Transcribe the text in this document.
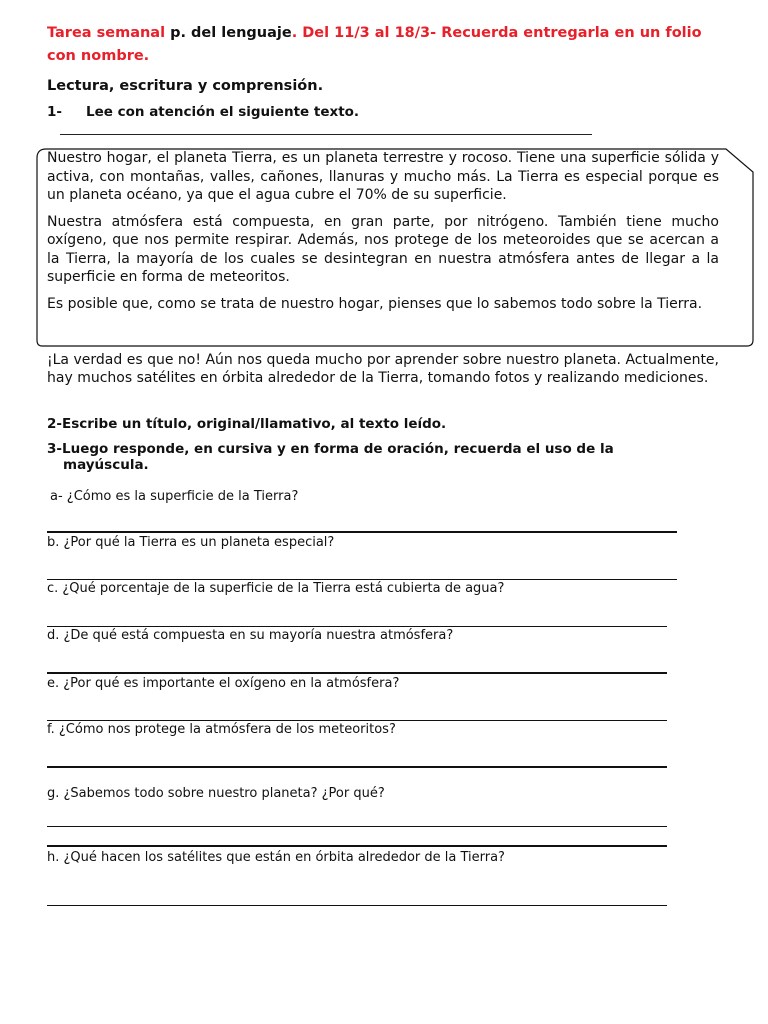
Tarea semanal p. del lenguaje. Del 11/3 al 18/3- Recuerda entregarla en un folio con nombre.
Lectura, escritura y comprensión.
1- Lee con atención el siguiente texto.

Nuestro hogar, el planeta Tierra, es un planeta terrestre y rocoso. Tiene una superficie sólida y activa, con montañas, valles, cañones, llanuras y mucho más. La Tierra es especial porque es un planeta océano, ya que el agua cubre el 70% de su superficie.

Nuestra atmósfera está compuesta, en gran parte, por nitrógeno. También tiene mucho oxígeno, que nos permite respirar. Además, nos protege de los meteoroides que se acercan a la Tierra, la mayoría de los cuales se desintegran en nuestra atmósfera antes de llegar a la superficie en forma de meteoritos.

Es posible que, como se trata de nuestro hogar, pienses que lo sabemos todo sobre la Tierra.

¡La verdad es que no! Aún nos queda mucho por aprender sobre nuestro planeta. Actualmente, hay muchos satélites en órbita alrededor de la Tierra, tomando fotos y realizando mediciones.
2-Escribe un título, original/llamativo, al texto leído.
3-Luego responde, en cursiva y en forma de oración, recuerda el uso de la
mayúscula.
a- ¿Cómo es la superficie de la Tierra?
b. ¿Por qué la Tierra es un planeta especial?
c. ¿Qué porcentaje de la superficie de la Tierra está cubierta de agua?
d. ¿De qué está compuesta en su mayoría nuestra atmósfera?
e. ¿Por qué es importante el oxígeno en la atmósfera?
f. ¿Cómo nos protege la atmósfera de los meteoritos?
g. ¿Sabemos todo sobre nuestro planeta? ¿Por qué?
h. ¿Qué hacen los satélites que están en órbita alrededor de la Tierra?
